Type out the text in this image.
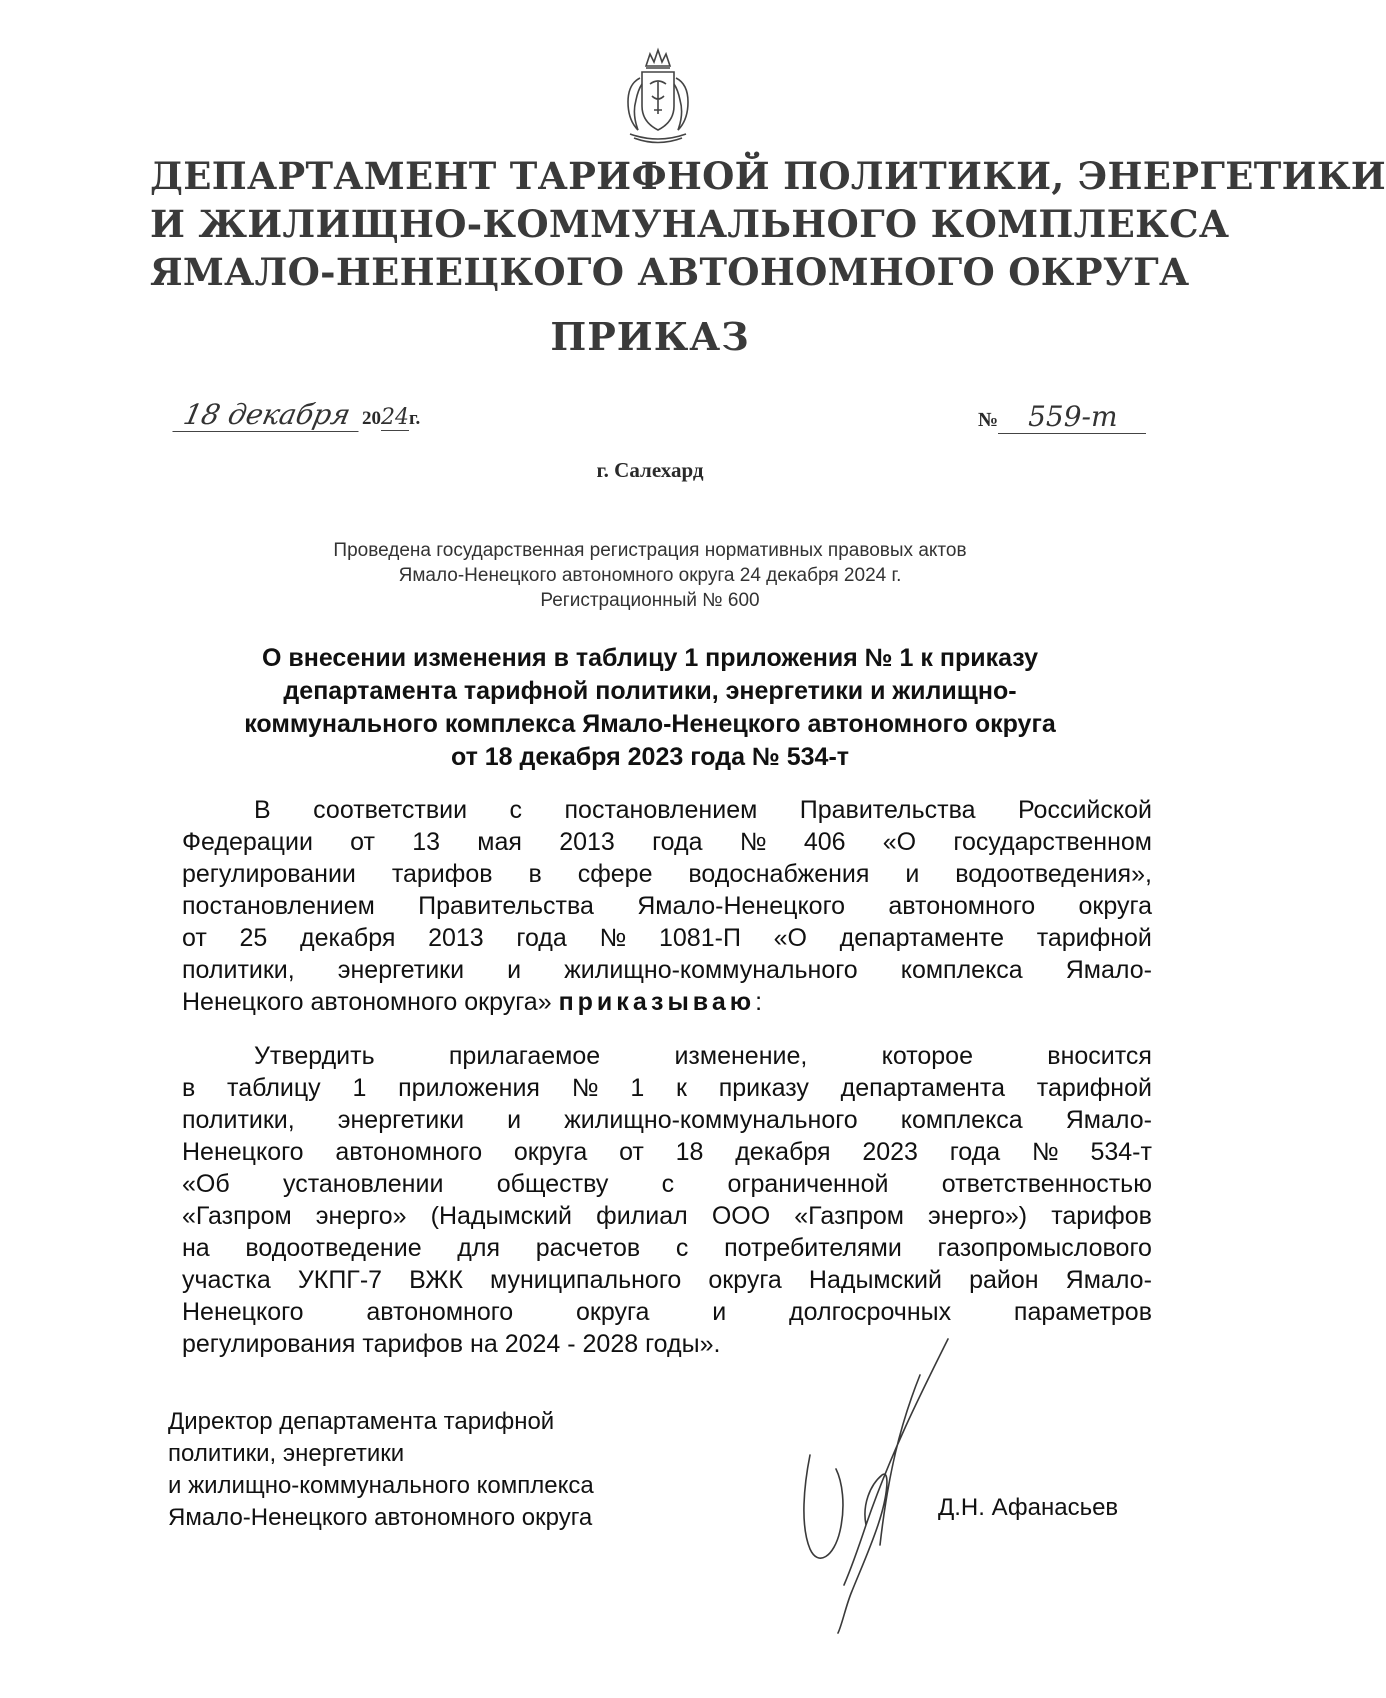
ДЕПАРТАМЕНТ ТАРИФНОЙ ПОЛИТИКИ, ЭНЕРГЕТИКИ
И ЖИЛИЩНО-КОММУНАЛЬНОГО КОМПЛЕКСА
ЯМАЛО-НЕНЕЦКОГО АВТОНОМНОГО ОКРУГА
ПРИКАЗ
18 декабря 2024г.	№ 559-т
г. Салехард
Проведена государственная регистрация нормативных правовых актов
Ямало-Ненецкого автономного округа 24 декабря 2024 г.
Регистрационный № 600
О внесении изменения в таблицу 1 приложения № 1 к приказу
департамента тарифной политики, энергетики и жилищно-
коммунального комплекса Ямало-Ненецкого автономного округа
от 18 декабря 2023 года № 534-т
В соответствии с постановлением Правительства Российской
Федерации от 13 мая 2013 года № 406 «О государственном
регулировании тарифов в сфере водоснабжения и водоотведения»,
постановлением Правительства Ямало-Ненецкого автономного округа
от 25 декабря 2013 года № 1081-П «О департаменте тарифной
политики, энергетики и жилищно-коммунального комплекса Ямало-
Ненецкого автономного округа» приказываю :
Утвердить	прилагаемое	изменение,	которое	вносится
в таблицу 1 приложения № 1 к приказу департамента тарифной
политики, энергетики и жилищно-коммунального комплекса Ямало-
Ненецкого автономного округа от 18 декабря 2023 года № 534-т
«Об установлении обществу с ограниченной ответственностью
«Газпром энерго» (Надымский филиал ООО «Газпром энерго») тарифов
на водоотведение для расчетов с потребителями газопромыслового
участка УКПГ-7 ВЖК муниципального округа Надымский район Ямало-
Ненецкого	автономного	округа	и	долгосрочных	параметров
регулирования тарифов на 2024 - 2028 годы».
Директор департамента тарифной
политики, энергетики
и жилищно-коммунального комплекса
Ямало-Ненецкого автономного округа	Д.Н. Афанасьев
